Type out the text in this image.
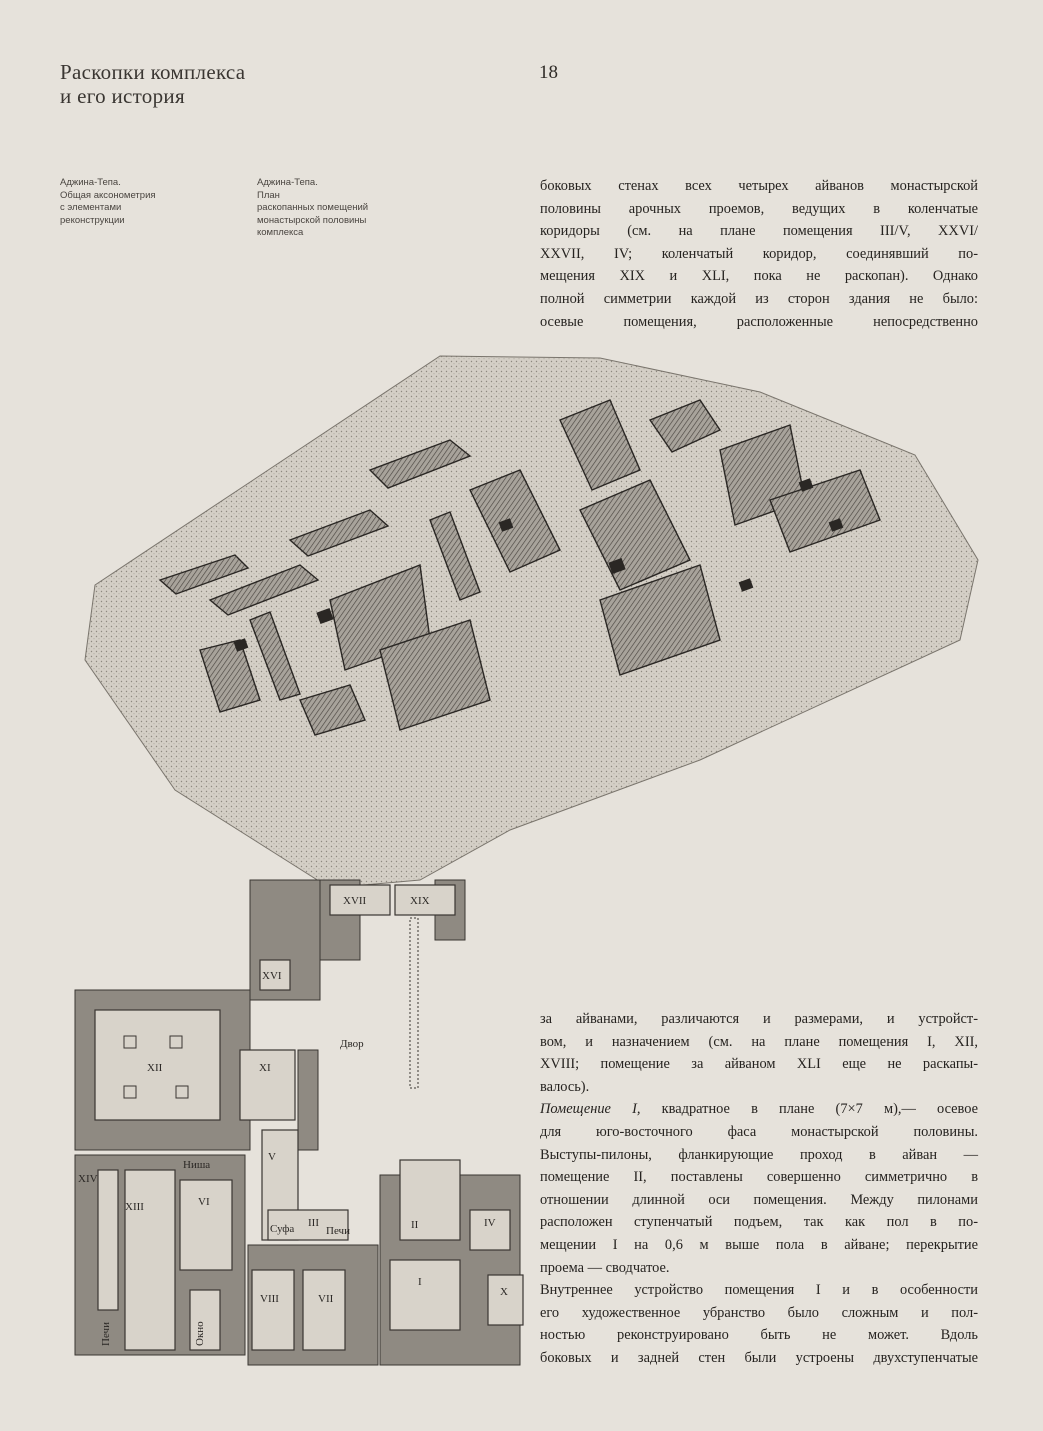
Раскопки комплекса
и его история
18
Аджина-Тепа.
Общая аксонометрия
с элементами
реконструкции
Аджина-Тепа.
План
раскопанных помещений
монастырской половины
комплекса
боковых стенах всех четырех айванов монастырской
половины арочных проемов, ведущих в коленчатые
коридоры (см. на плане помещения III/V, XXVI/
XXVII, IV; коленчатый коридор, соединявший по-
мещения XIX и XLI, пока не раскопан). Однако
полной симметрии каждой из сторон здания не было:
осевые помещения, расположенные непосредственно
XVII	XIX
XVI
XI
Двор
XII
V
XIV
XIII
Ниша
VI
Суфа III
Печи	II	IV
I
VIII	VII
X
Печи	Окно
за айванами, различаются и размерами, и устройст-
вом, и назначением (см. на плане помещения I, XII,
XVIII; помещение за айваном XLI еще не раскапы-
валось).
Помещение I, квадратное в плане (7×7 м),— осевое
для юго-восточного фаса монастырской половины.
Выступы-пилоны, фланкирующие проход в айван —
помещение II, поставлены совершенно симметрично в
отношении длинной оси помещения. Между пилонами
расположен ступенчатый подъем, так как пол в по-
мещении I на 0,6 м выше пола в айване; перекрытие
проема — сводчатое.
Внутреннее устройство помещения I и в особенности
его художественное убранство было сложным и пол-
ностью реконструировано быть не может. Вдоль
боковых и задней стен были устроены двухступенчатые
